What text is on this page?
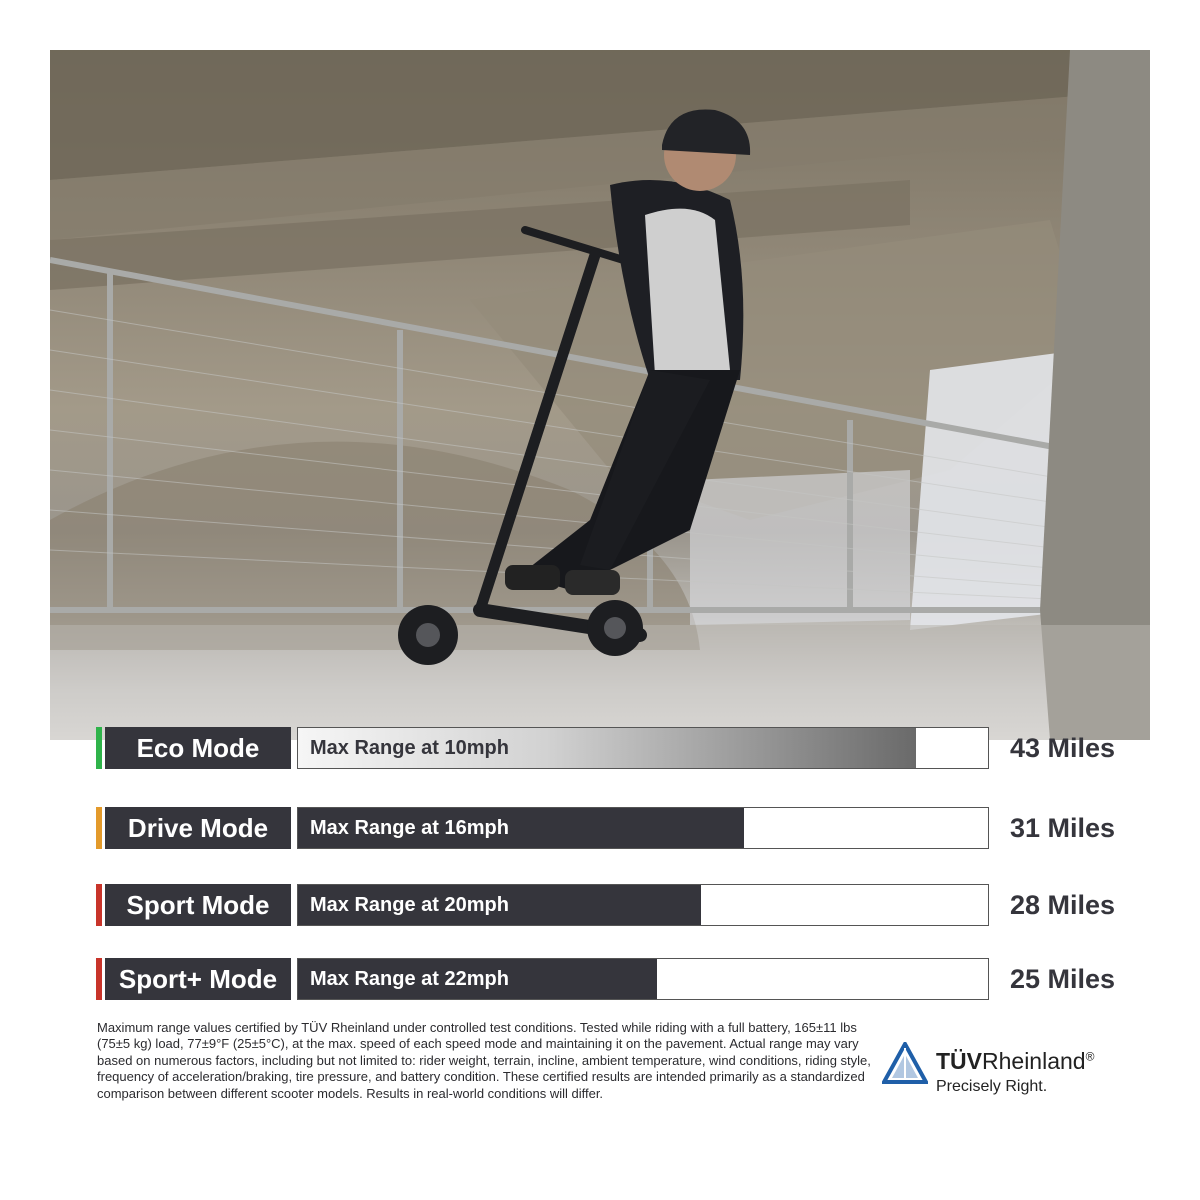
Eco Mode	Max Range at 10mph	43 Miles
Drive Mode	Max Range at 16mph	31 Miles
Sport Mode	Max Range at 20mph	28 Miles
Sport+ Mode	Max Range at 22mph	25 Miles
Maximum range values certified by TÜV Rheinland under controlled test conditions. Tested while riding with a full battery, 165±11 lbs (75±5 kg) load, 77±9°F (25±5°C), at the max. speed of each speed mode and maintaining it on the pavement. Actual range may vary based on numerous factors, including but not limited to: rider weight, terrain, incline, ambient temperature, wind conditions, riding style, frequency of acceleration/braking, tire pressure, and battery condition. These certified results are intended primarily as a standardized comparison between different scooter models. Results in real-world conditions will differ.
TÜVRheinland®
Precisely Right.
